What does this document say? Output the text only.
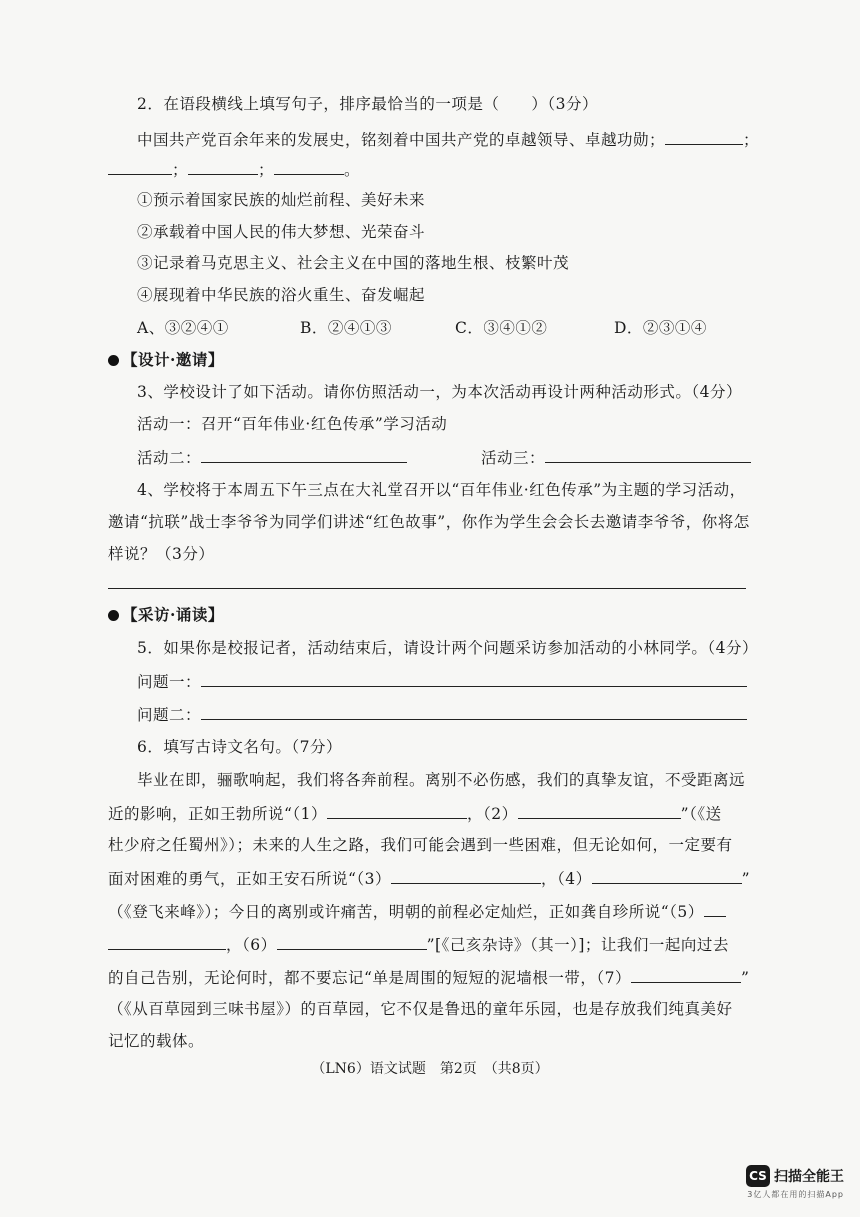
2．在语段横线上填写句子，排序最恰当的一项是（　　）（3分）
中国共产党百余年来的发展史，铭刻着中国共产党的卓越领导、卓越功勋；	；
；	；	。
①预示着国家民族的灿烂前程、美好未来
②承载着中国人民的伟大梦想、光荣奋斗
③记录着马克思主义、社会主义在中国的落地生根、枝繁叶茂
④展现着中华民族的浴火重生、奋发崛起
A、③②④①	B．②④①③	C．③④①②	D．②③①④
【设计·邀请】
3、学校设计了如下活动。请你仿照活动一，为本次活动再设计两种活动形式。（4分）
活动一：召开“百年伟业·红色传承”学习活动
活动二：	活动三：
4、学校将于本周五下午三点在大礼堂召开以“百年伟业·红色传承”为主题的学习活动，
邀请“抗联”战士李爷爷为同学们讲述“红色故事”，你作为学生会会长去邀请李爷爷，你将怎
样说？（3分）
【采访·诵读】
5．如果你是校报记者，活动结束后，请设计两个问题采访参加活动的小林同学。（4分）
问题一：
问题二：
6．填写古诗文名句。（7分）
毕业在即，骊歌响起，我们将各奔前程。离别不必伤感，我们的真挚友谊，不受距离远
近的影响，正如王勃所说“（1）	，（2）	”（《送
杜少府之任蜀州》）；未来的人生之路，我们可能会遇到一些困难，但无论如何，一定要有
面对困难的勇气，正如王安石所说“（3）	，（4）	”
（《登飞来峰》）；今日的离别或许痛苦，明朝的前程必定灿烂，正如龚自珍所说“（5）
，（6）	”[《己亥杂诗》（其一）]；让我们一起向过去
的自己告别，无论何时，都不要忘记“单是周围的短短的泥墙根一带，（7）	”
（《从百草园到三味书屋》）的百草园，它不仅是鲁迅的童年乐园，也是存放我们纯真美好
记忆的载体。
（LN6）语文试题　第2页　（共8页）
CS 扫描全能王
3亿人都在用的扫描App
